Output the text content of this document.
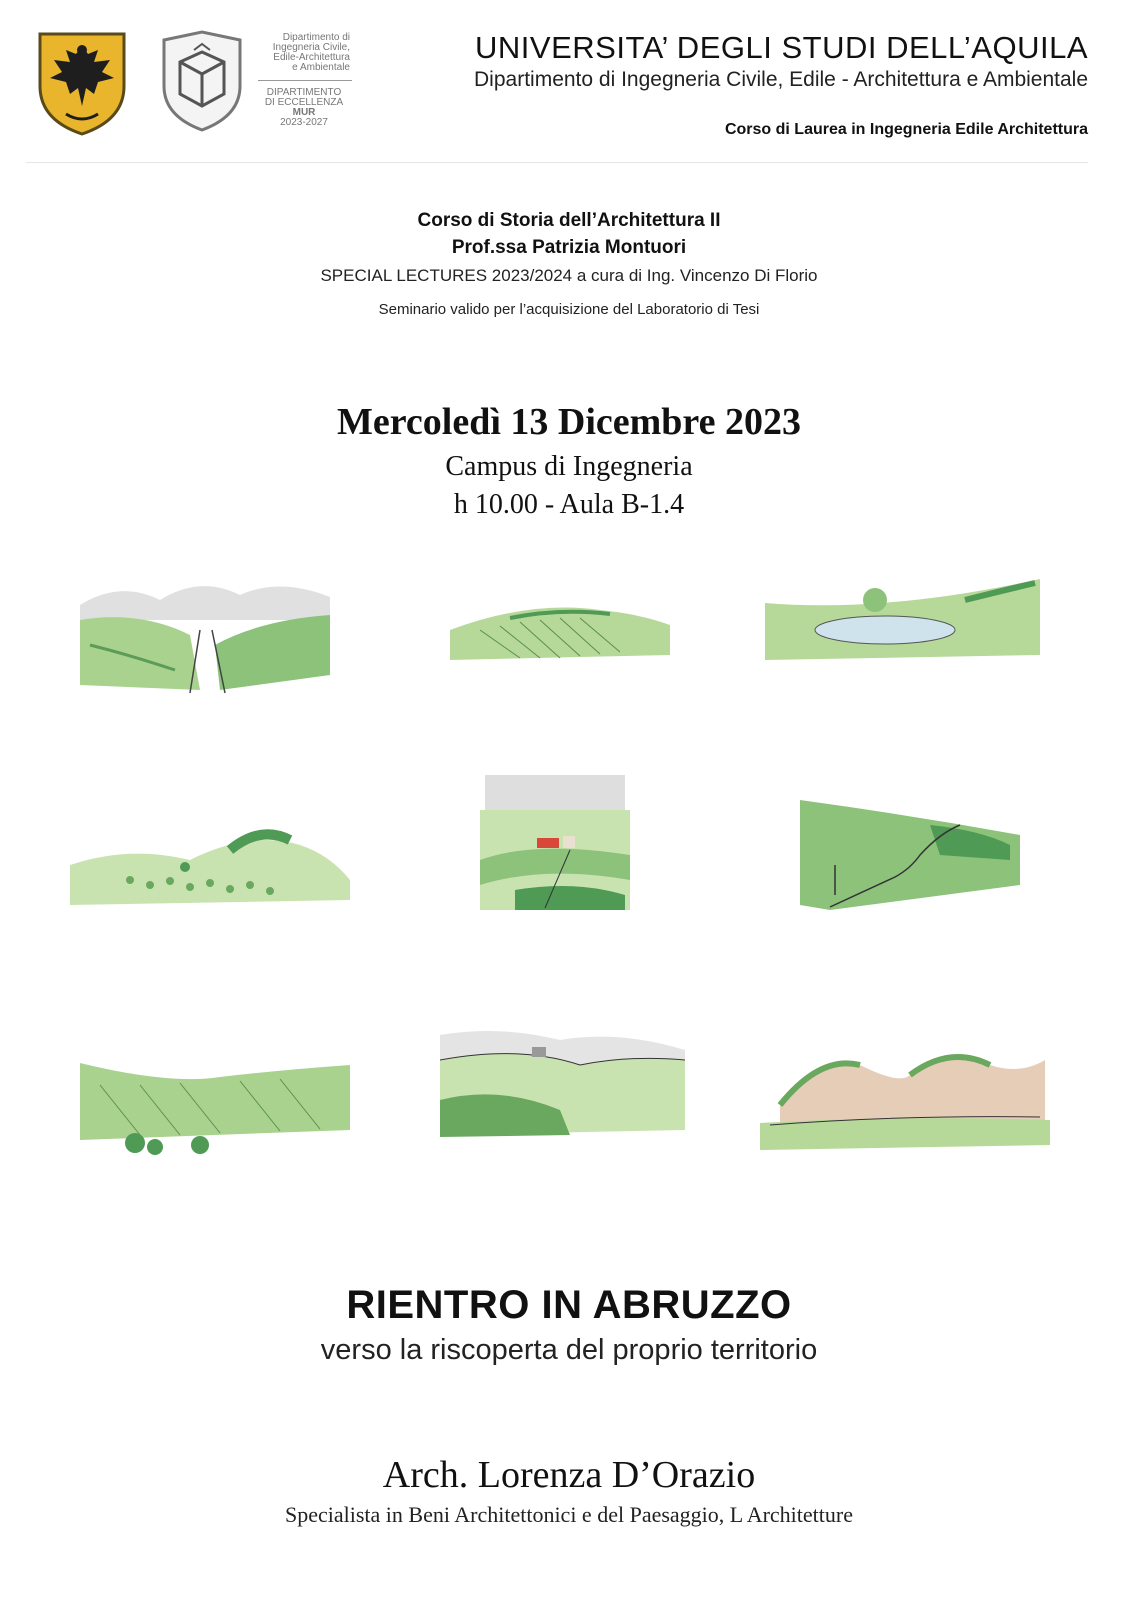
Dipartimento di
Ingegneria Civile,
Edile-Architettura
e Ambientale
DIPARTIMENTO
DI ECCELLENZA
MUR
2023-2027
UNIVERSITA’ DEGLI STUDI DELL’AQUILA
Dipartimento di Ingegneria Civile, Edile - Architettura e Ambientale
Corso di Laurea in Ingegneria Edile Architettura
Corso di Storia dell’Architettura II
Prof.ssa Patrizia Montuori
SPECIAL LECTURES 2023/2024 a cura di Ing. Vincenzo Di Florio
Seminario valido per l’acquisizione del Laboratorio di Tesi
Mercoledì 13 Dicembre 2023
Campus di Ingegneria
h 10.00 - Aula B-1.4
RIENTRO IN ABRUZZO
verso la riscoperta del proprio territorio
Arch. Lorenza D’Orazio
Specialista in Beni Architettonici e del Paesaggio, L Architetture
